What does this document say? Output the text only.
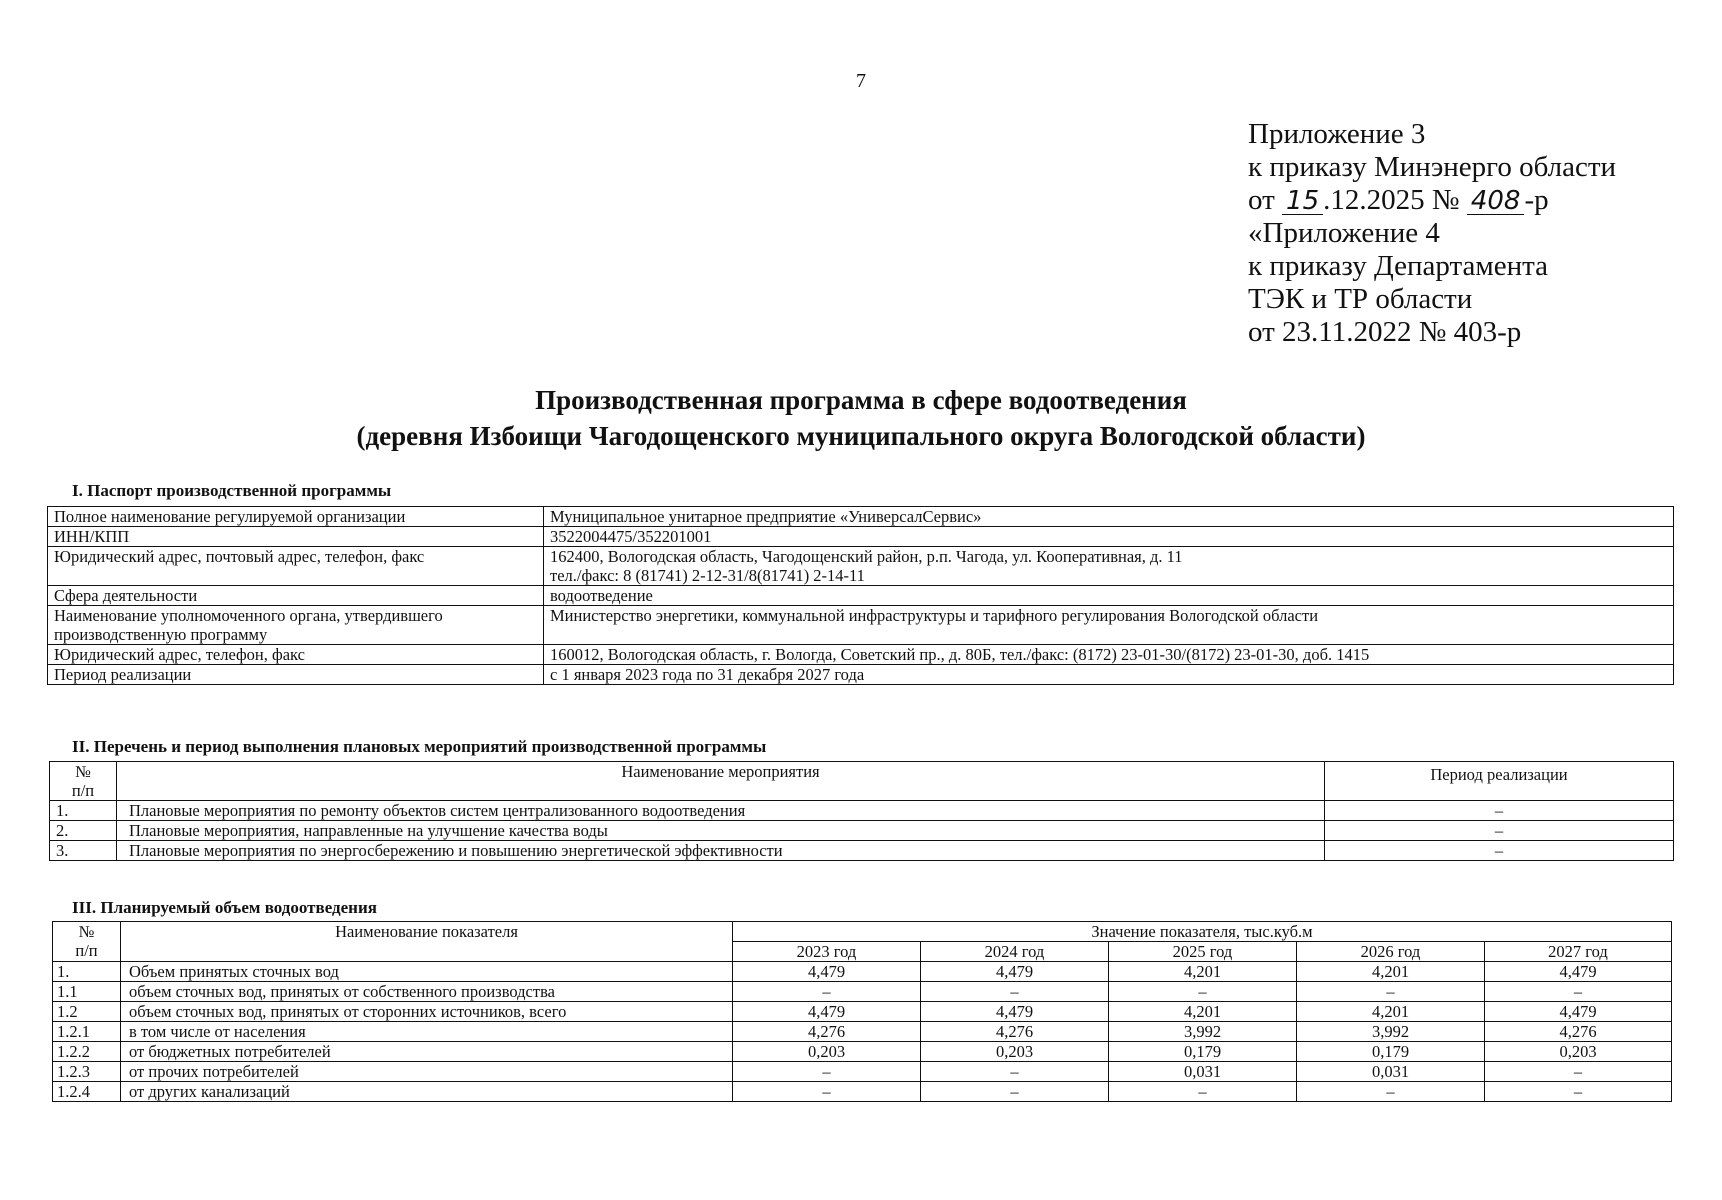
7
Приложение 3
к приказу Минэнерго области
от 15 .12.2025 № 408 -р
«Приложение 4
к приказу Департамента
ТЭК и ТР области
от 23.11.2022 № 403-р
Производственная программа в сфере водоотведения
(деревня Избоищи Чагодощенского муниципального округа Вологодской области)
I. Паспорт производственной программы
Полное наименование регулируемой организации	Муниципальное унитарное предприятие «УниверсалСервис»
ИНН/КПП	3522004475/352201001
Юридический адрес, почтовый адрес, телефон, факс	162400, Вологодская область, Чагодощенский район, р.п. Чагода, ул. Кооперативная, д. 11
тел./факс: 8 (81741) 2-12-31/8(81741) 2-14-11

Сфера деятельности	водоотведение

Наименование уполномоченного органа, утвердившего
производственную программу	Министерство энергетики, коммунальной инфраструктуры и тарифного регулирования Вологодской области
Юридический адрес, телефон, факс	160012, Вологодская область, г. Вологда, Советский пр., д. 80Б, тел./факс: (8172) 23-01-30/(8172) 23-01-30, доб. 1415
Период реализации	с 1 января 2023 года по 31 декабря 2027 года
II. Перечень и период выполнения плановых мероприятий производственной программы
№
п/п	Наименование мероприятия	Период реализации
1.	Плановые мероприятия по ремонту объектов систем централизованного водоотведения	–
2.	Плановые мероприятия, направленные на улучшение качества воды	–
3.	Плановые мероприятия по энергосбережению и повышению энергетической эффективности	–
III. Планируемый объем водоотведения
№
п/п	Наименование показателя	Значение показателя, тыс.куб.м				
		2023 год	2024 год	2025 год	2026 год	2027 год
1.	Объем принятых сточных вод	4,479	4,479	4,201	4,201	4,479
1.1	объем сточных вод, принятых от собственного производства	–	–	–	–	–
1.2	объем сточных вод, принятых от сторонних источников, всего	4,479	4,479	4,201	4,201	4,479
1.2.1	в том числе от населения	4,276	4,276	3,992	3,992	4,276
1.2.2	от бюджетных потребителей	0,203	0,203	0,179	0,179	0,203
1.2.3	от прочих потребителей	–	–	0,031	0,031	–
1.2.4	от других канализаций	–	–	–	–	–
